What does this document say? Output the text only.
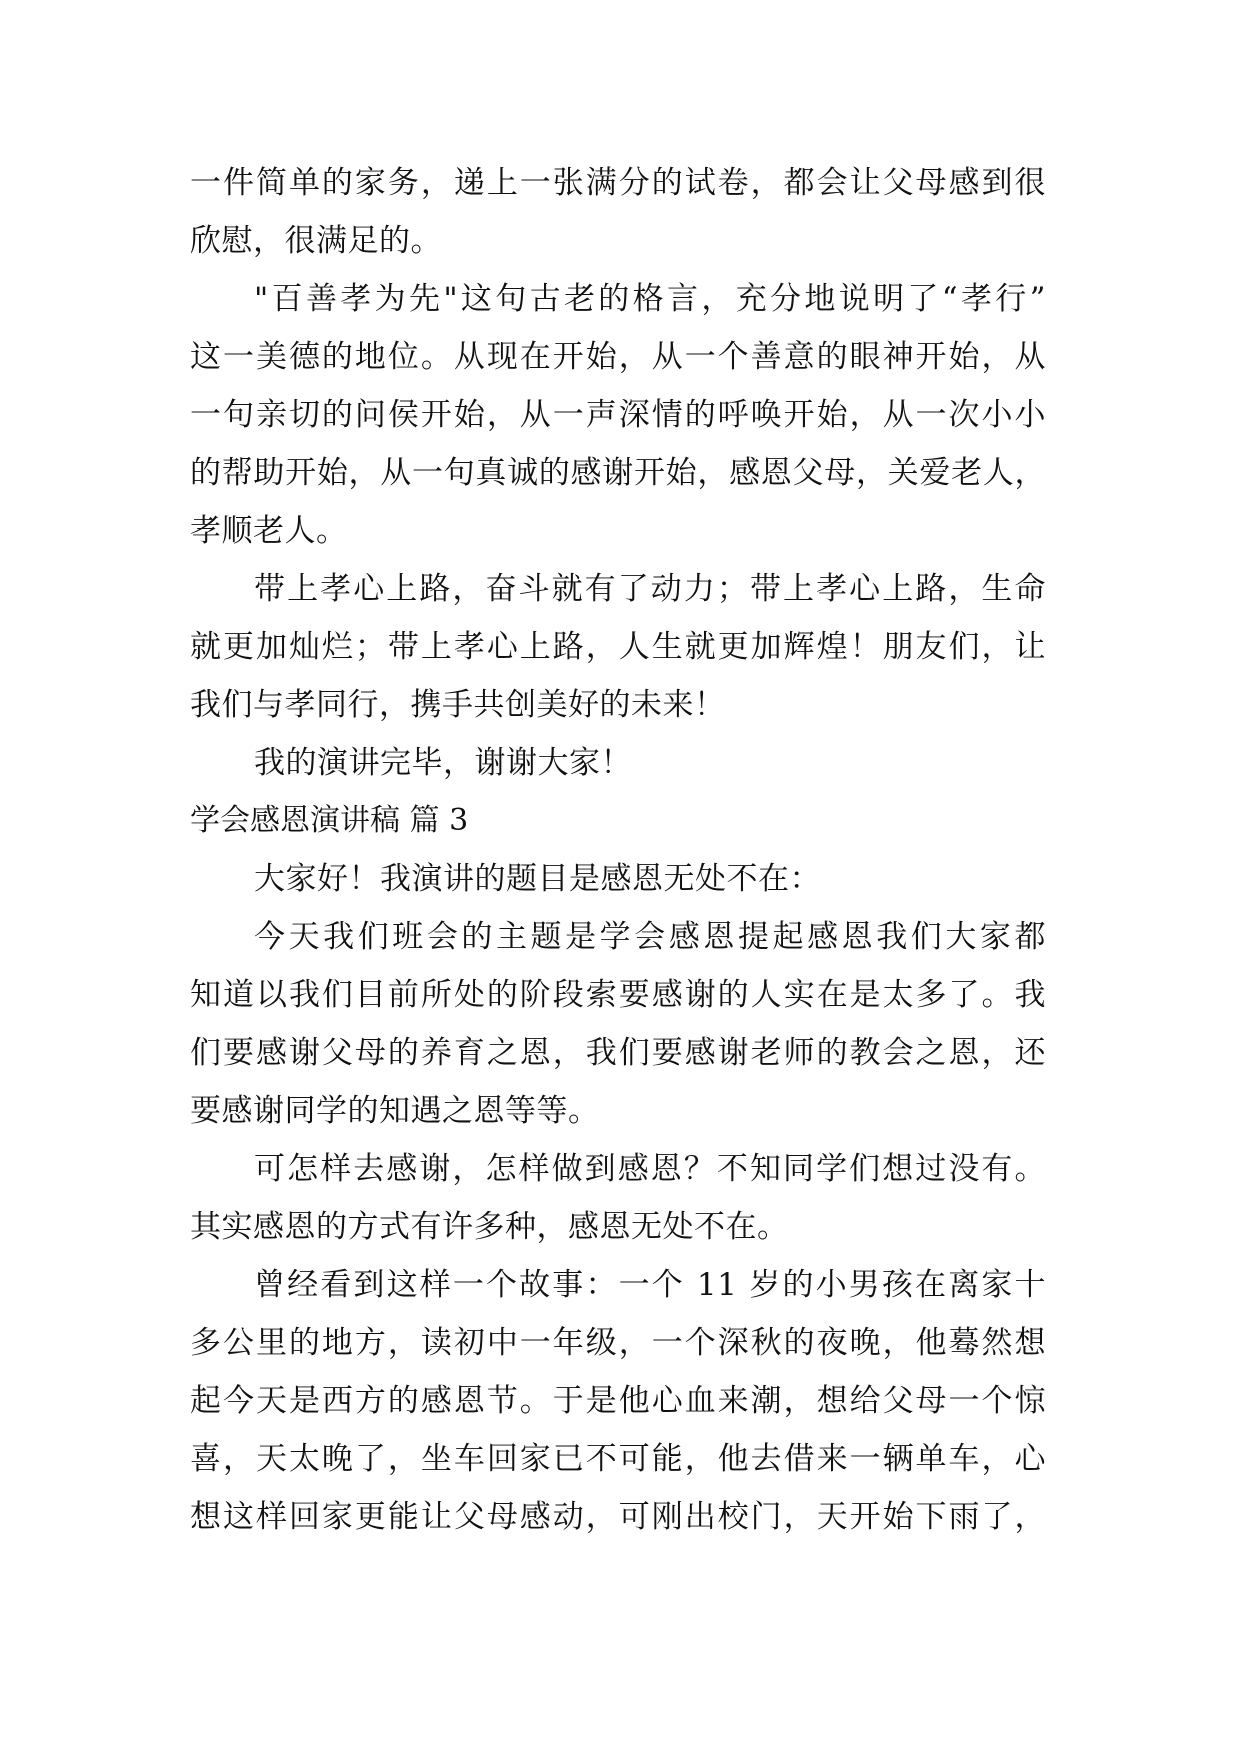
一件简单的家务，递上一张满分的试卷，都会让父母感到很
欣慰，很满足的。
"百善孝为先"这句古老的格言，充分地说明了“孝行”
这一美德的地位。从现在开始，从一个善意的眼神开始，从
一句亲切的问侯开始，从一声深情的呼唤开始，从一次小小
的帮助开始，从一句真诚的感谢开始，感恩父母，关爱老人，
孝顺老人。
带上孝心上路，奋斗就有了动力；带上孝心上路，生命
就更加灿烂；带上孝心上路，人生就更加辉煌！朋友们，让
我们与孝同行，携手共创美好的未来！
我的演讲完毕，谢谢大家！
学会感恩演讲稿 篇 3
大家好！我演讲的题目是感恩无处不在：
今天我们班会的主题是学会感恩提起感恩我们大家都
知道以我们目前所处的阶段索要感谢的人实在是太多了。我
们要感谢父母的养育之恩，我们要感谢老师的教会之恩，还
要感谢同学的知遇之恩等等。
可怎样去感谢，怎样做到感恩？不知同学们想过没有。
其实感恩的方式有许多种，感恩无处不在。
曾经看到这样一个故事：一个 11 岁的小男孩在离家十
多公里的地方，读初中一年级，一个深秋的夜晚，他蓦然想
起今天是西方的感恩节。于是他心血来潮，想给父母一个惊
喜，天太晚了，坐车回家已不可能，他去借来一辆单车，心
想这样回家更能让父母感动，可刚出校门，天开始下雨了，
